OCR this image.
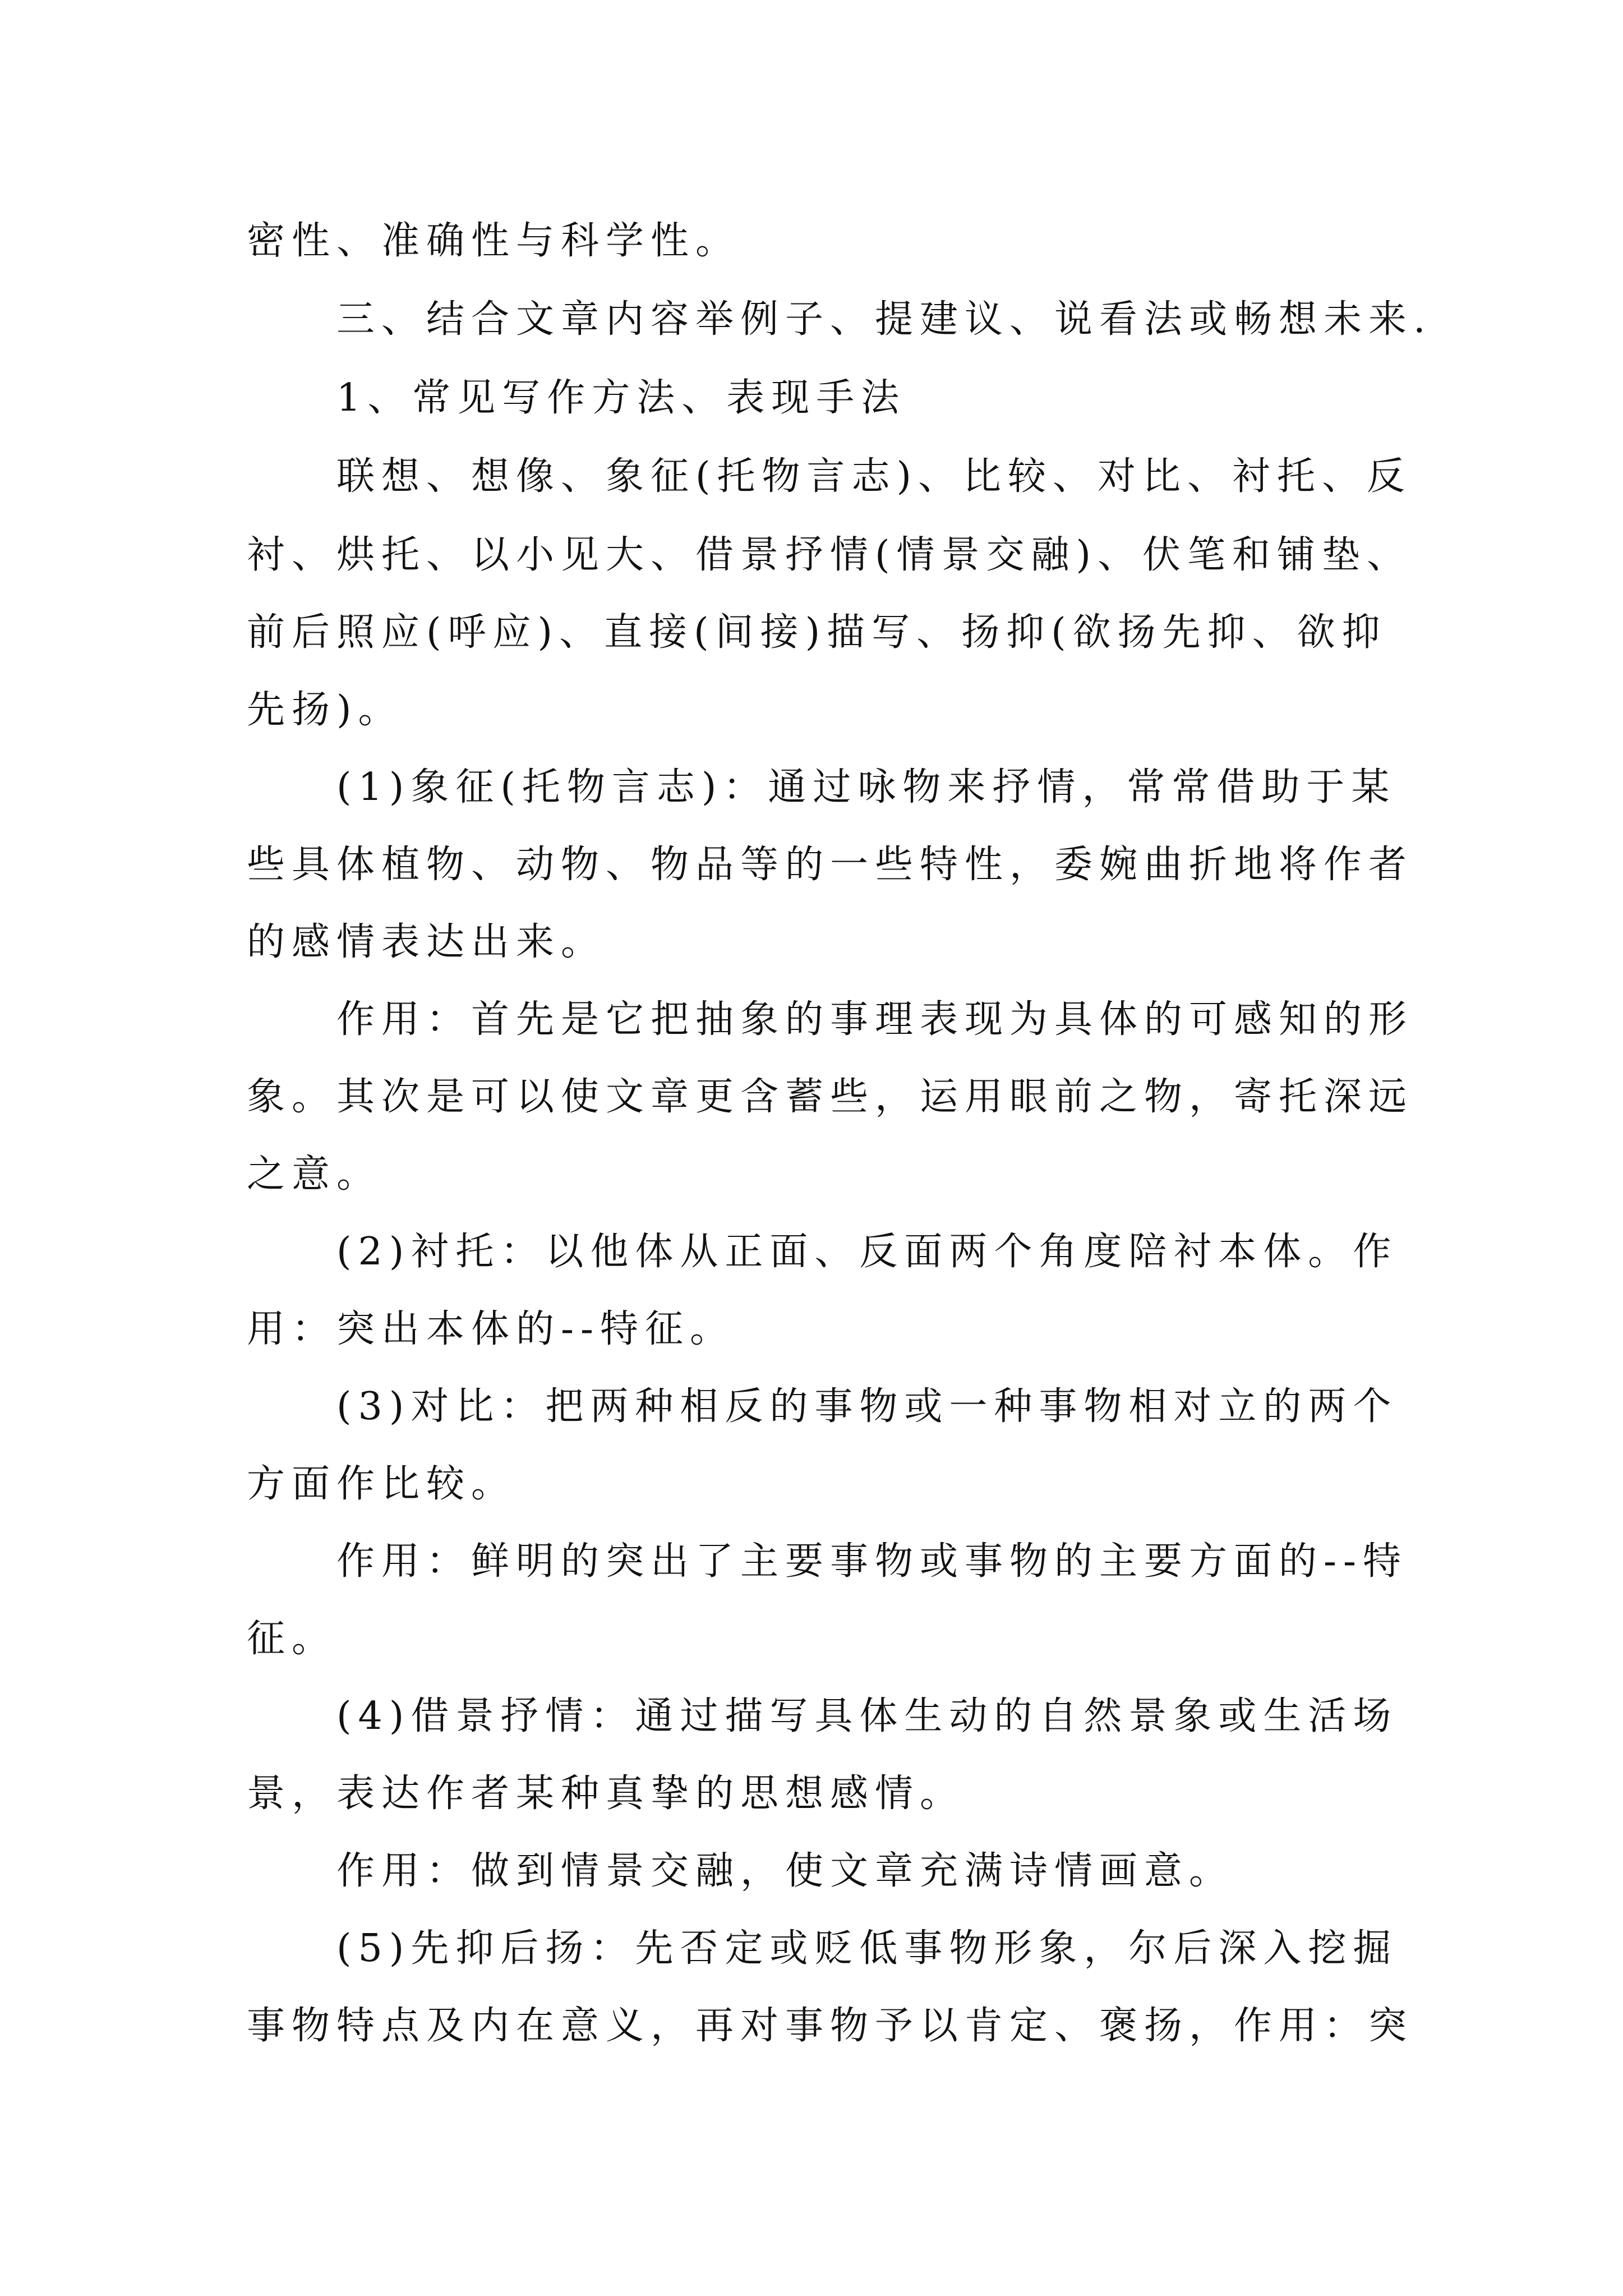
密性、准确性与科学性。
三、结合文章内容举例子、提建议、说看法或畅想未来.
1、常见写作方法、表现手法
联想、想像、象征(托物言志)、比较、对比、衬托、反
衬、烘托、以小见大、借景抒情(情景交融)、伏笔和铺垫、
前后照应(呼应)、直接(间接)描写、扬抑(欲扬先抑、欲抑
先扬)。
(1)象征(托物言志)：通过咏物来抒情，常常借助于某
些具体植物、动物、物品等的一些特性，委婉曲折地将作者
的感情表达出来。
作用：首先是它把抽象的事理表现为具体的可感知的形
象。其次是可以使文章更含蓄些，运用眼前之物，寄托深远
之意。
(2)衬托：以他体从正面、反面两个角度陪衬本体。作
用：突出本体的--特征。
(3)对比：把两种相反的事物或一种事物相对立的两个
方面作比较。
作用：鲜明的突出了主要事物或事物的主要方面的--特
征。
(4)借景抒情：通过描写具体生动的自然景象或生活场
景，表达作者某种真挚的思想感情。
作用：做到情景交融，使文章充满诗情画意。
(5)先抑后扬：先否定或贬低事物形象，尔后深入挖掘
事物特点及内在意义，再对事物予以肯定、褒扬，作用：突
